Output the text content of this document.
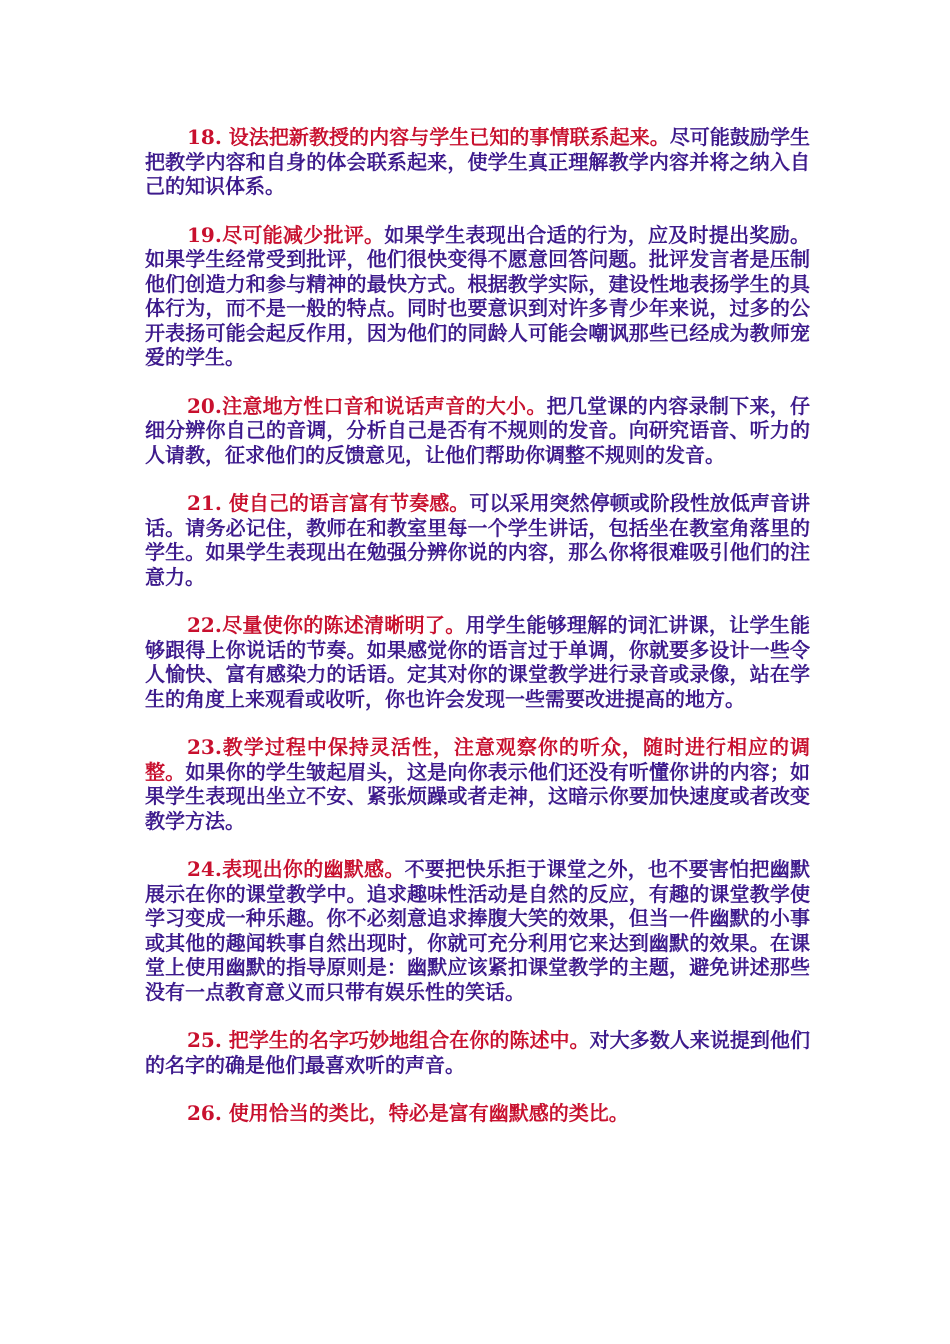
18. 设法把新教授的内容与学生已知的事情联系起来。尽可能鼓励学生把教学内容和自身的体会联系起来，使学生真正理解教学内容并将之纳入自己的知识体系。

19.尽可能减少批评。如果学生表现出合适的行为，应及时提出奖励。如果学生经常受到批评，他们很快变得不愿意回答问题。批评发言者是压制他们创造力和参与精神的最快方式。根据教学实际，建设性地表扬学生的具体行为，而不是一般的特点。同时也要意识到对许多青少年来说，过多的公开表扬可能会起反作用，因为他们的同龄人可能会嘲讽那些已经成为教师宠爱的学生。

20.注意地方性口音和说话声音的大小。把几堂课的内容录制下来，仔细分辨你自己的音调，分析自己是否有不规则的发音。向研究语音、听力的人请教，征求他们的反馈意见，让他们帮助你调整不规则的发音。

21. 使自己的语言富有节奏感。可以采用突然停顿或阶段性放低声音讲话。请务必记住，教师在和教室里每一个学生讲话，包括坐在教室角落里的学生。如果学生表现出在勉强分辨你说的内容，那么你将很难吸引他们的注意力。

22.尽量使你的陈述清晰明了。用学生能够理解的词汇讲课，让学生能够跟得上你说话的节奏。如果感觉你的语言过于单调，你就要多设计一些令人愉快、富有感染力的话语。定其对你的课堂教学进行录音或录像，站在学生的角度上来观看或收听，你也许会发现一些需要改进提高的地方。

23.教学过程中保持灵活性，注意观察你的听众，随时进行相应的调整。如果你的学生皱起眉头，这是向你表示他们还没有听懂你讲的内容；如果学生表现出坐立不安、紧张烦躁或者走神，这暗示你要加快速度或者改变教学方法。

24.表现出你的幽默感。不要把快乐拒于课堂之外，也不要害怕把幽默展示在你的课堂教学中。追求趣味性活动是自然的反应，有趣的课堂教学使学习变成一种乐趣。你不必刻意追求捧腹大笑的效果，但当一件幽默的小事或其他的趣闻轶事自然出现时，你就可充分利用它来达到幽默的效果。在课堂上使用幽默的指导原则是：幽默应该紧扣课堂教学的主题，避免讲述那些没有一点教育意义而只带有娱乐性的笑话。

25. 把学生的名字巧妙地组合在你的陈述中。对大多数人来说提到他们的名字的确是他们最喜欢听的声音。

26. 使用恰当的类比，特必是富有幽默感的类比。
